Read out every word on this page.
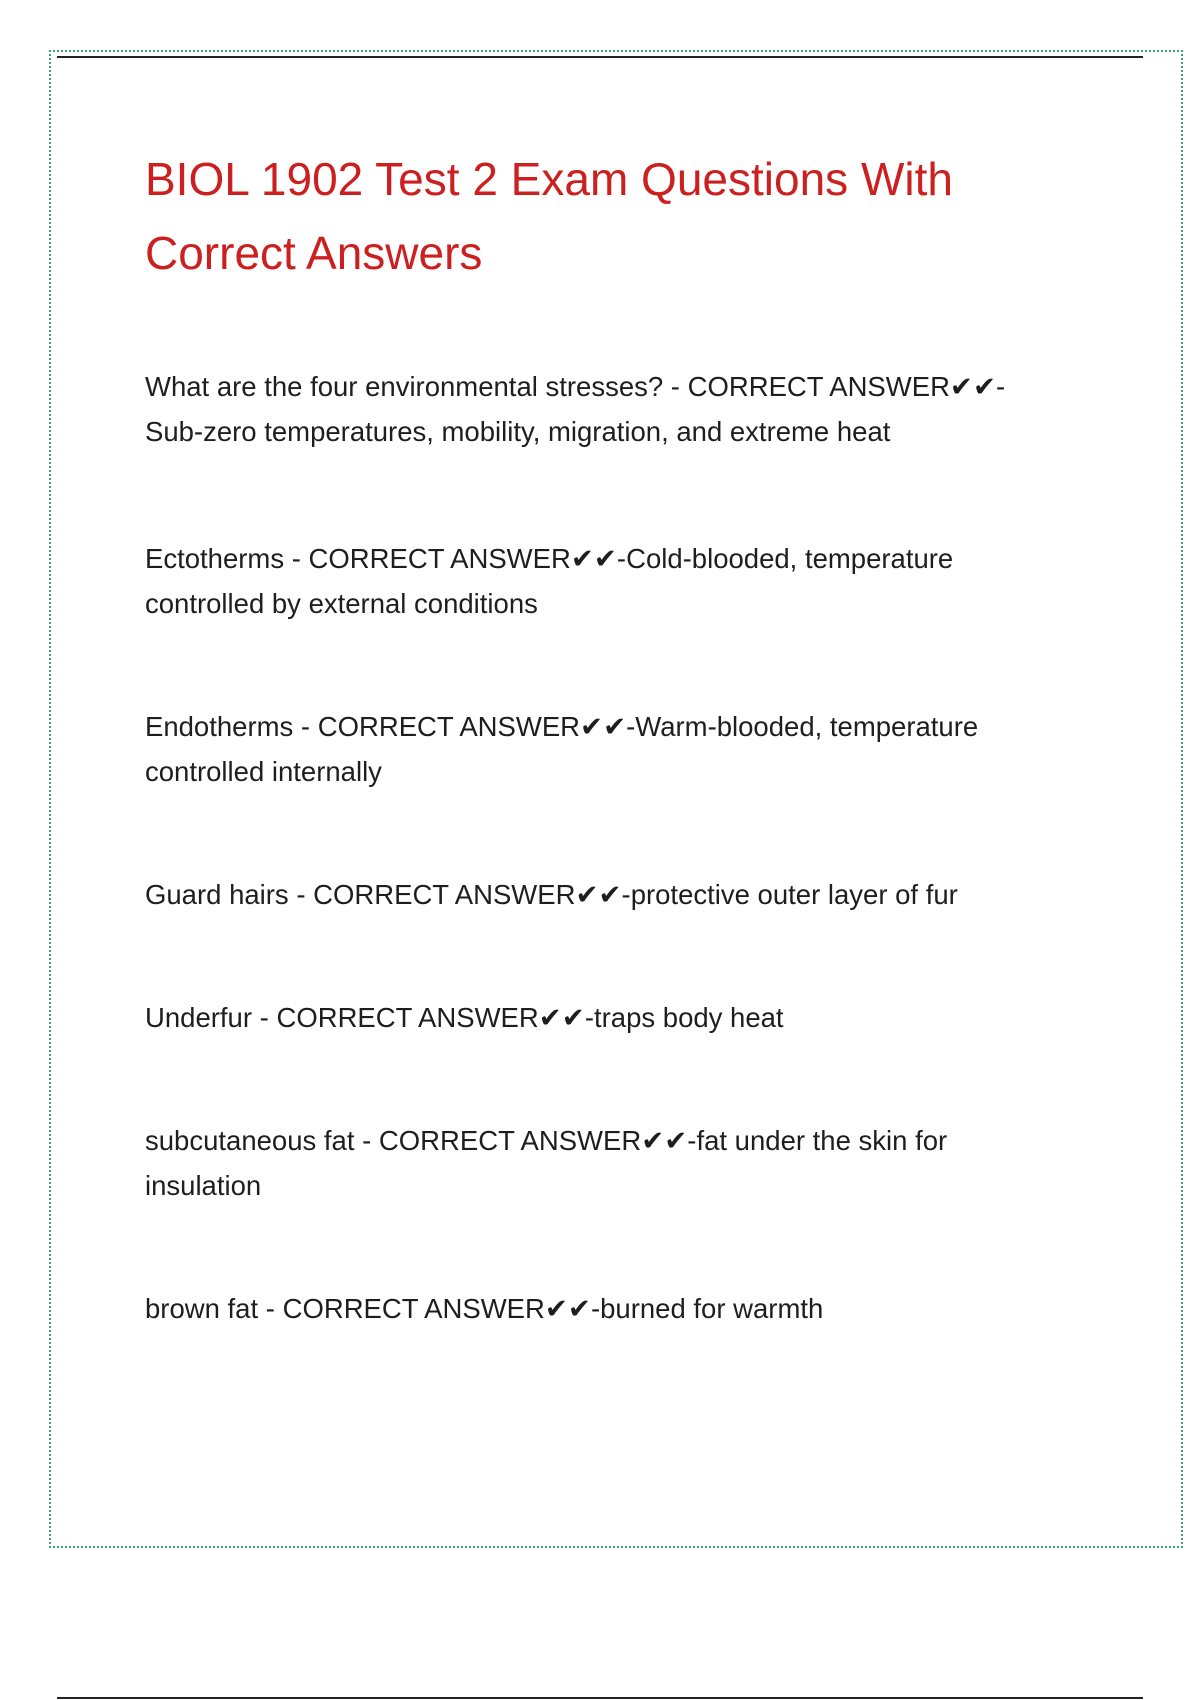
BIOL 1902 Test 2 Exam Questions With Correct Answers

What are the four environmental stresses? - CORRECT ANSWER✔✔-Sub-zero temperatures, mobility, migration, and extreme heat

Ectotherms - CORRECT ANSWER✔✔-Cold-blooded, temperature controlled by external conditions

Endotherms - CORRECT ANSWER✔✔-Warm-blooded, temperature controlled internally

Guard hairs - CORRECT ANSWER✔✔-protective outer layer of fur

Underfur - CORRECT ANSWER✔✔-traps body heat

subcutaneous fat - CORRECT ANSWER✔✔-fat under the skin for insulation

brown fat - CORRECT ANSWER✔✔-burned for warmth
